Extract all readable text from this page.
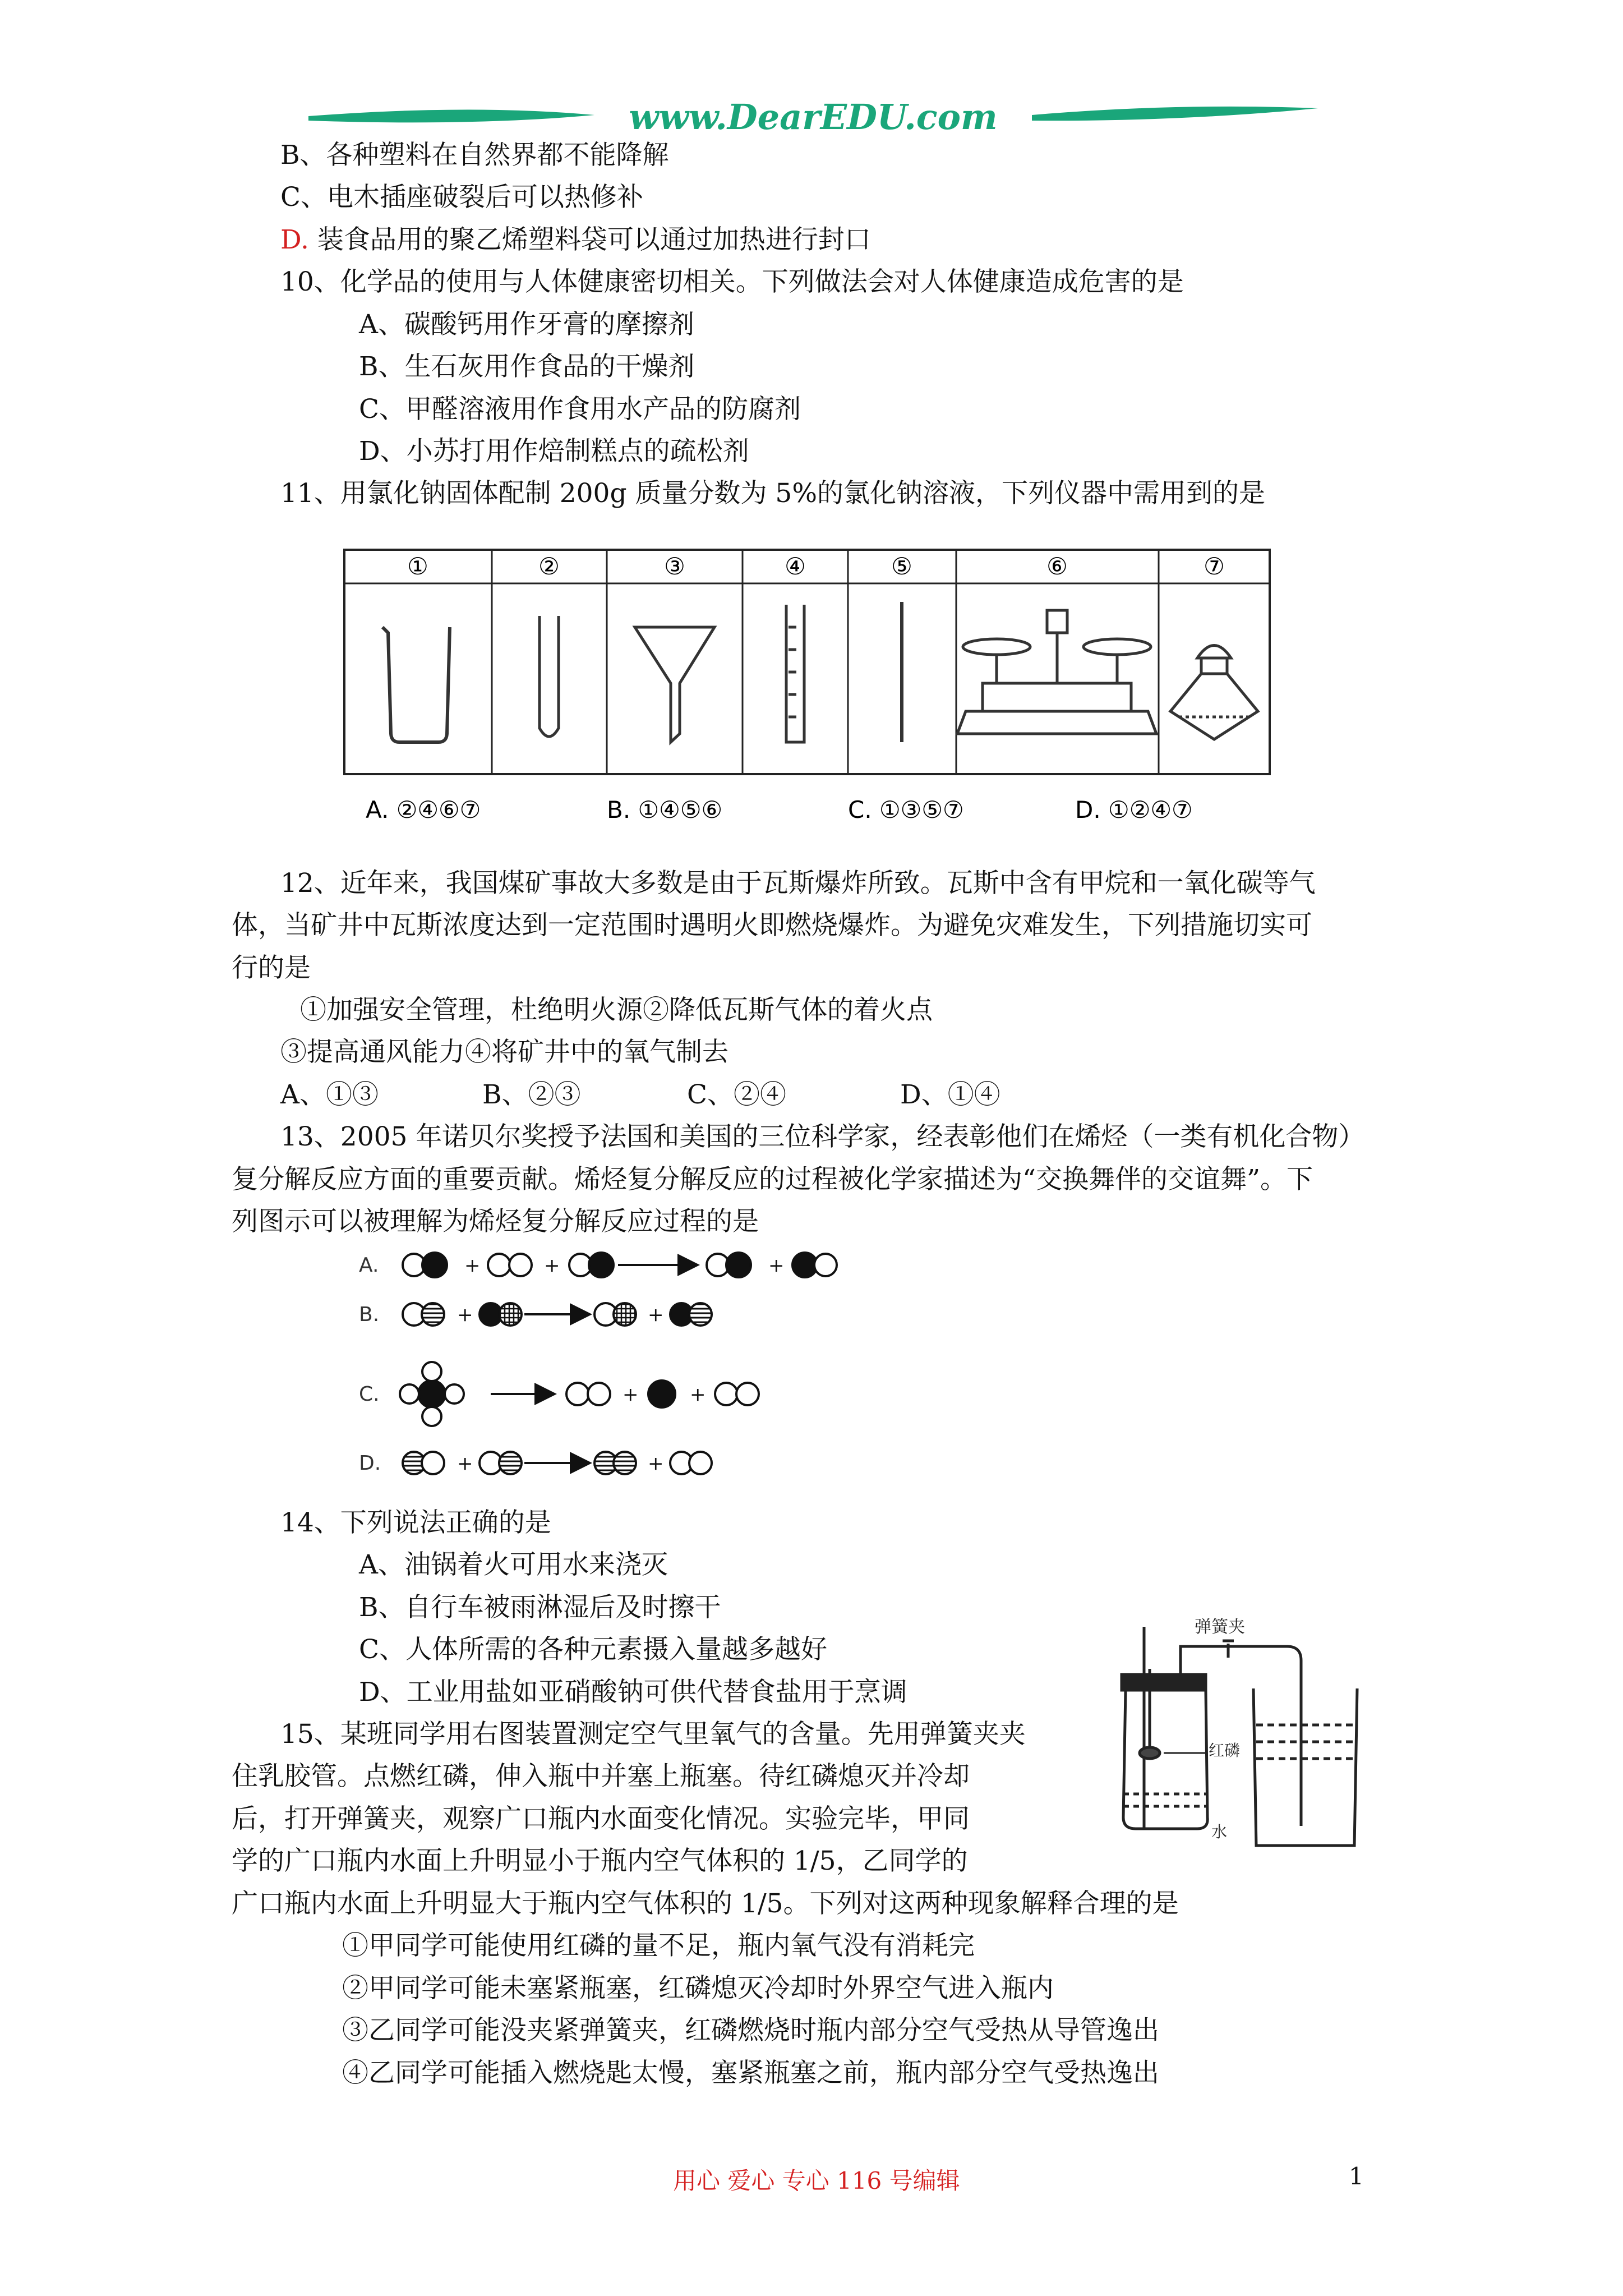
www.DearEDU.com
B、各种塑料在自然界都不能降解
C、电木插座破裂后可以热修补
D. 装食品用的聚乙烯塑料袋可以通过加热进行封口
10、化学品的使用与人体健康密切相关。下列做法会对人体健康造成危害的是
A、碳酸钙用作牙膏的摩擦剂
B、生石灰用作食品的干燥剂
C、甲醛溶液用作食用水产品的防腐剂
D、小苏打用作焙制糕点的疏松剂
11、用氯化钠固体配制 200g 质量分数为 5%的氯化钠溶液，下列仪器中需用到的是
①	②	③	④	⑤	⑥	⑦
A. ②④⑥⑦	B. ①④⑤⑥	C. ①③⑤⑦	D. ①②④⑦
12、近年来，我国煤矿事故大多数是由于瓦斯爆炸所致。瓦斯中含有甲烷和一氧化碳等气
体，当矿井中瓦斯浓度达到一定范围时遇明火即燃烧爆炸。为避免灾难发生，下列措施切实可
行的是
①加强安全管理，杜绝明火源②降低瓦斯气体的着火点
③提高通风能力④将矿井中的氧气制去
A、①③	B、②③	C、②④	D、①④
13、2005 年诺贝尔奖授予法国和美国的三位科学家，经表彰他们在烯烃（一类有机化合物）
复分解反应方面的重要贡献。烯烃复分解反应的过程被化学家描述为“交换舞伴的交谊舞”。下
列图示可以被理解为烯烃复分解反应过程的是
A.	+	+	+
B.	+	+
C.	+	+
D.	+	+
14、下列说法正确的是
A、油锅着火可用水来浇灭
B、自行车被雨淋湿后及时擦干
C、人体所需的各种元素摄入量越多越好
D、工业用盐如亚硝酸钠可供代替食盐用于烹调
弹簧夹
红磷
水
15、某班同学用右图装置测定空气里氧气的含量。先用弹簧夹夹
住乳胶管。点燃红磷，伸入瓶中并塞上瓶塞。待红磷熄灭并冷却
后，打开弹簧夹，观察广口瓶内水面变化情况。实验完毕，甲同
学的广口瓶内水面上升明显小于瓶内空气体积的 1/5，乙同学的
广口瓶内水面上升明显大于瓶内空气体积的 1/5。下列对这两种现象解释合理的是
①甲同学可能使用红磷的量不足，瓶内氧气没有消耗完
②甲同学可能未塞紧瓶塞，红磷熄灭冷却时外界空气进入瓶内
③乙同学可能没夹紧弹簧夹，红磷燃烧时瓶内部分空气受热从导管逸出
④乙同学可能插入燃烧匙太慢，塞紧瓶塞之前，瓶内部分空气受热逸出
用心 爱心 专心 116 号编辑	1
